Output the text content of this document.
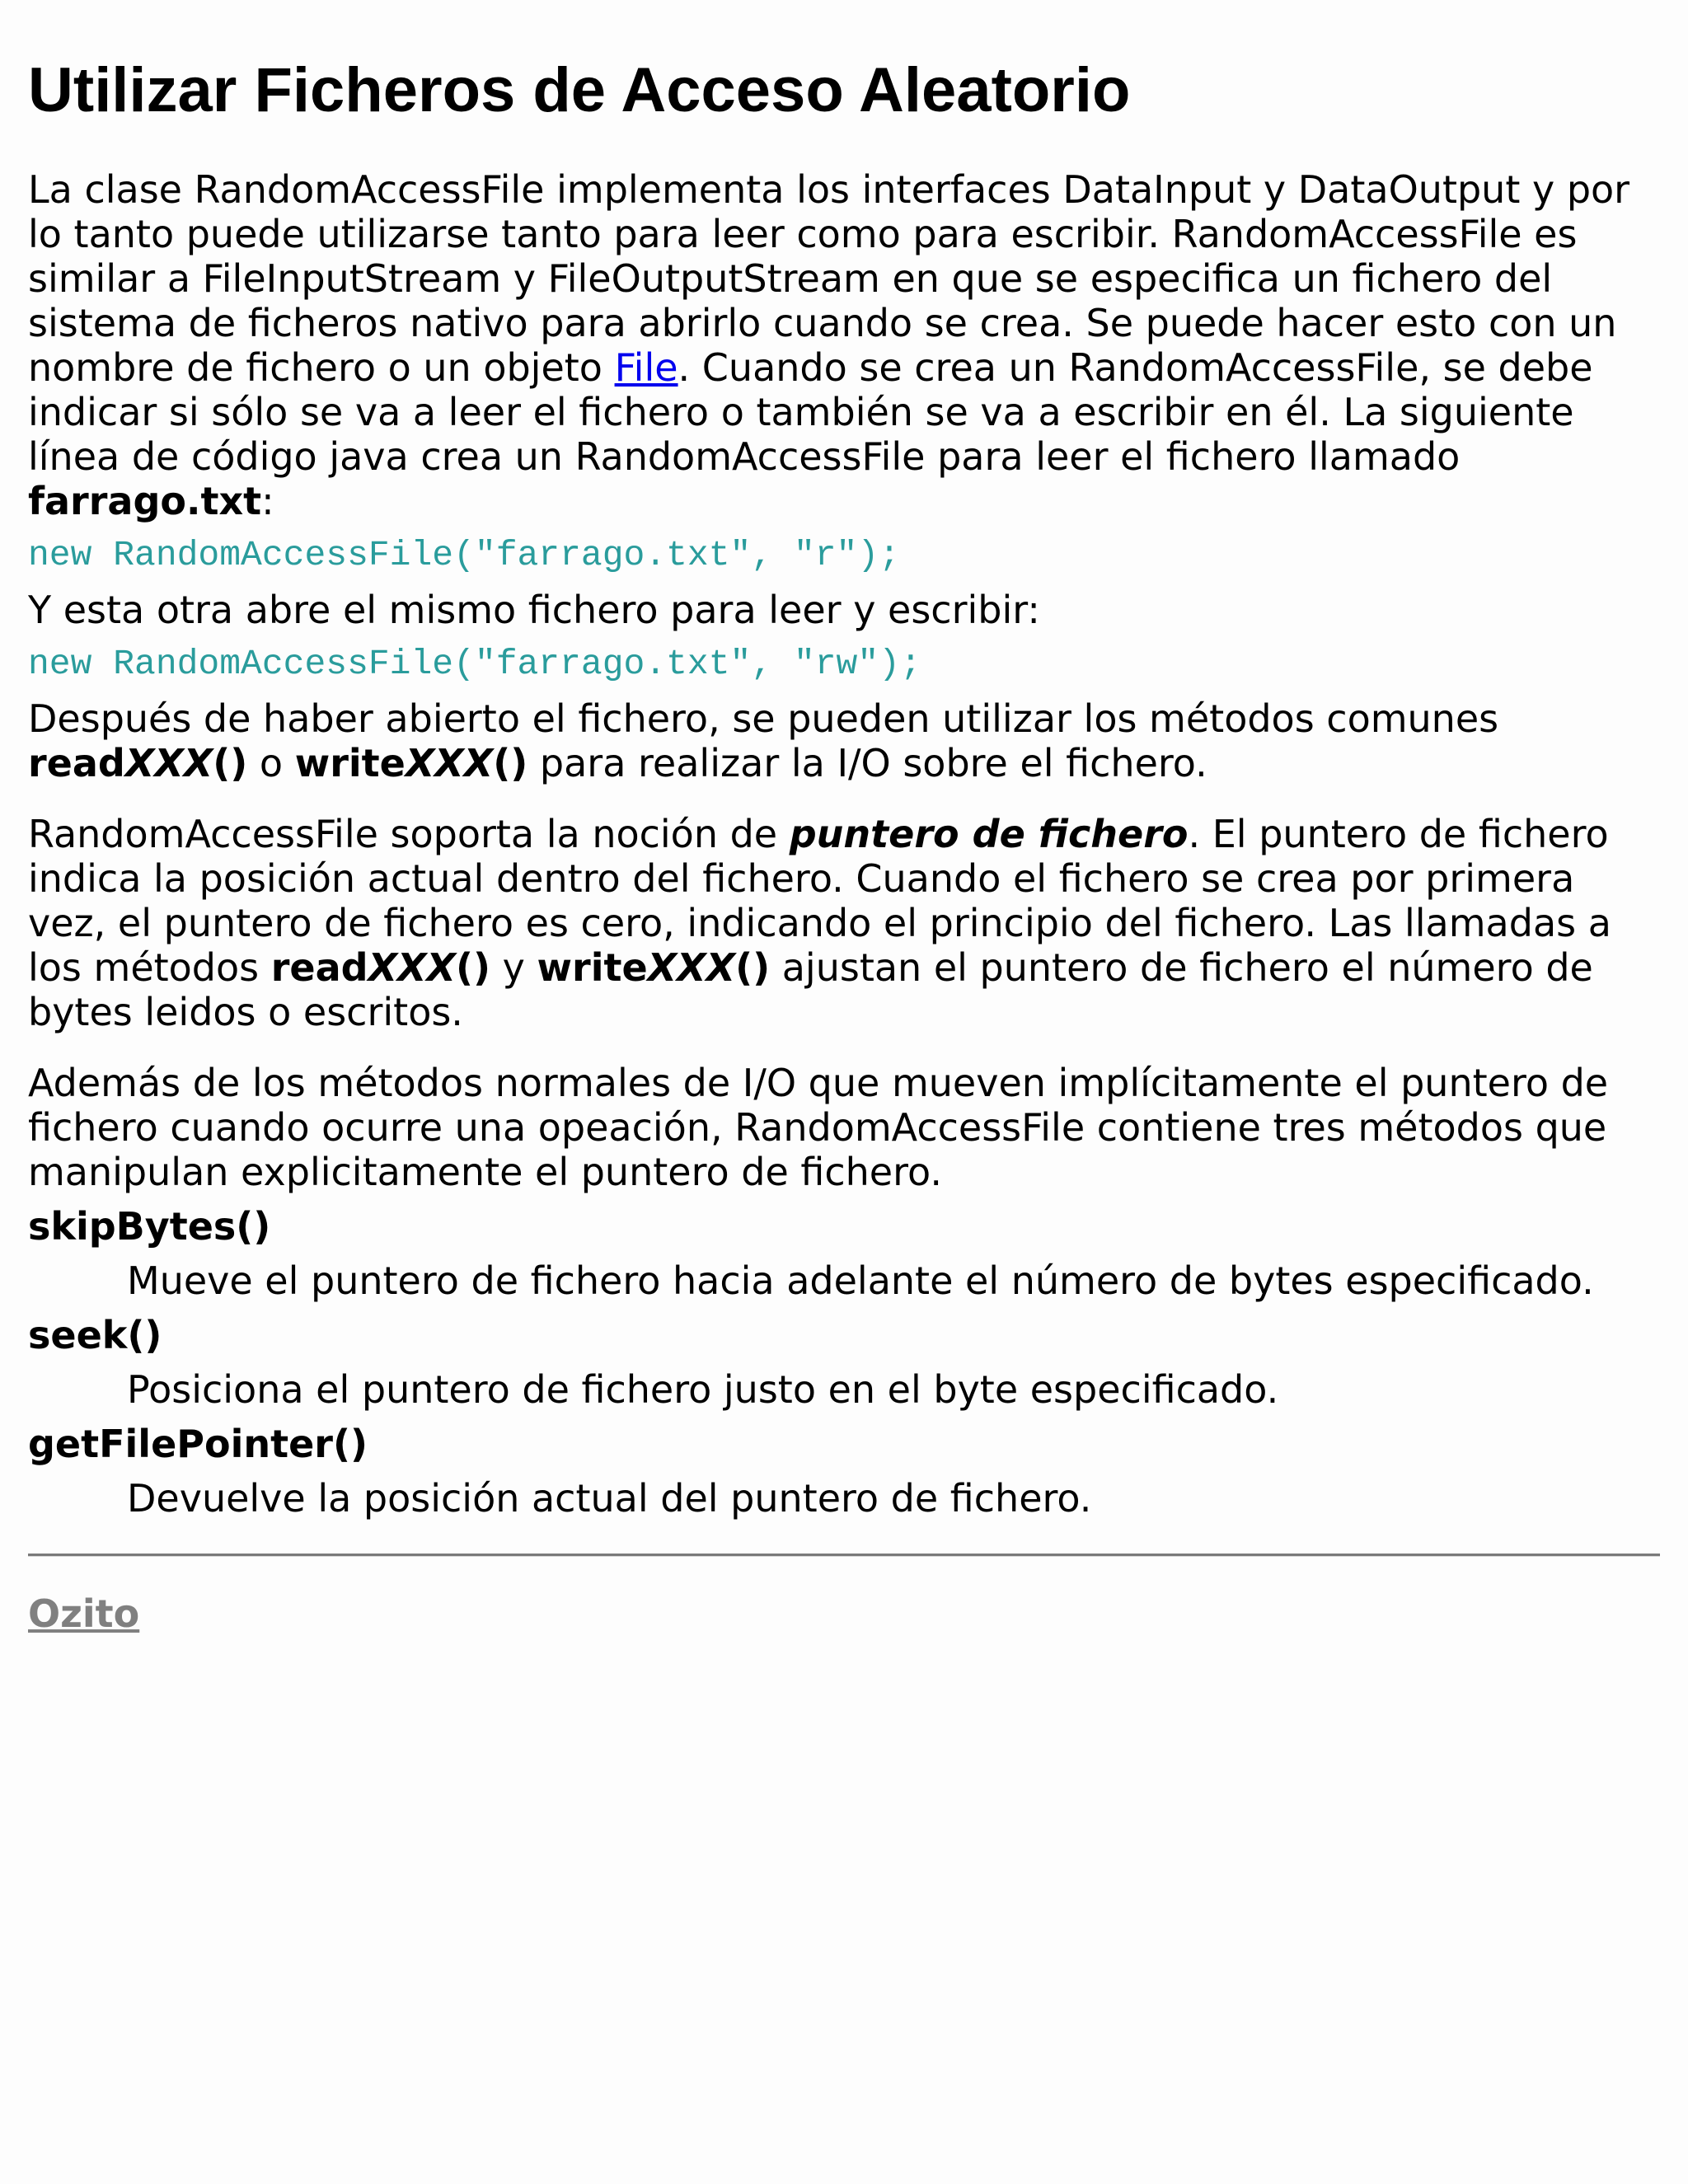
Utilizar Ficheros de Acceso Aleatorio

La clase RandomAccessFile implementa los interfaces DataInput y DataOutput y por lo tanto puede utilizarse tanto para leer como para escribir. RandomAccessFile es similar a FileInputStream y FileOutputStream en que se especifica un fichero del sistema de ficheros nativo para abrirlo cuando se crea. Se puede hacer esto con un nombre de fichero o un objeto File. Cuando se crea un RandomAccessFile, se debe indicar si sólo se va a leer el fichero o también se va a escribir en él. La siguiente línea de código java crea un RandomAccessFile para leer el fichero llamado farrago.txt:

new RandomAccessFile("farrago.txt", "r");

Y esta otra abre el mismo fichero para leer y escribir:

new RandomAccessFile("farrago.txt", "rw");

Después de haber abierto el fichero, se pueden utilizar los métodos comunes readXXX() o writeXXX() para realizar la I/O sobre el fichero.

RandomAccessFile soporta la noción de puntero de fichero. El puntero de fichero indica la posición actual dentro del fichero. Cuando el fichero se crea por primera vez, el puntero de fichero es cero, indicando el principio del fichero. Las llamadas a los métodos readXXX() y writeXXX() ajustan el puntero de fichero el número de bytes leidos o escritos.

Además de los métodos normales de I/O que mueven implícitamente el puntero de fichero cuando ocurre una opeación, RandomAccessFile contiene tres métodos que manipulan explicitamente el puntero de fichero.

skipBytes()
Mueve el puntero de fichero hacia adelante el número de bytes especificado.
seek()
Posiciona el puntero de fichero justo en el byte especificado.
getFilePointer()
Devuelve la posición actual del puntero de fichero.
Ozito
